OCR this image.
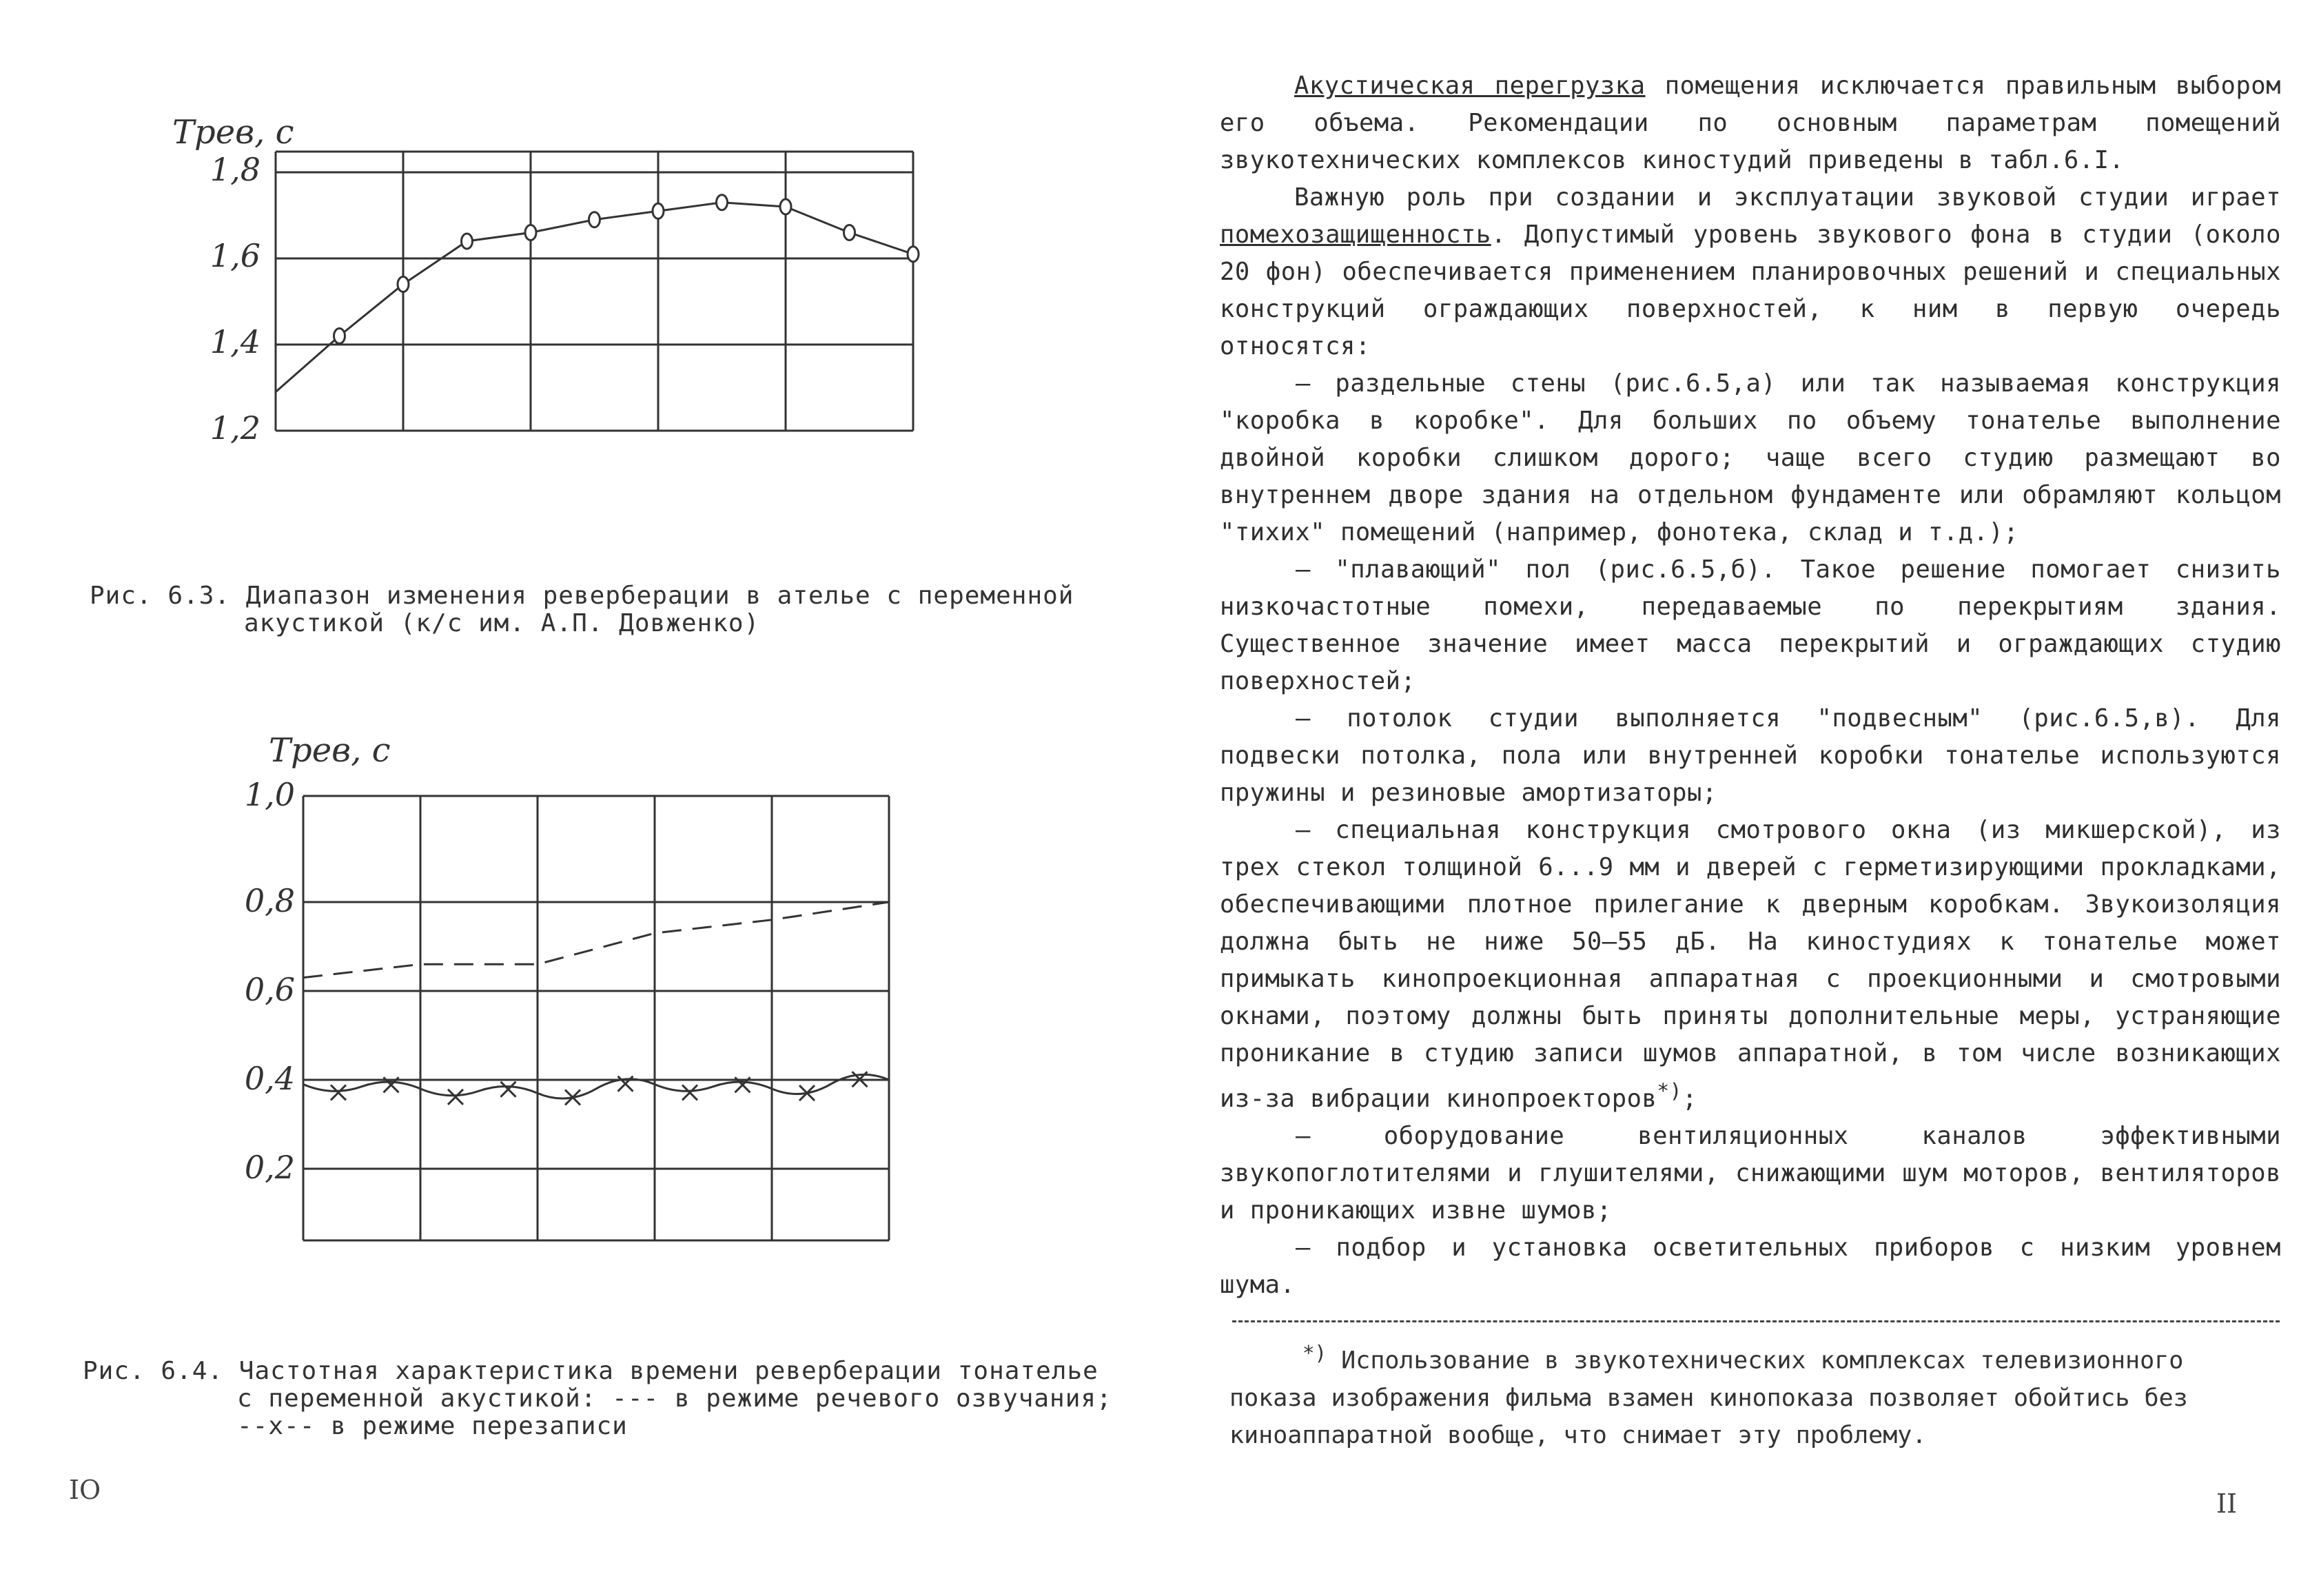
1,2
1,4
1,6
1,8
Tрев, с
Рис. 6.3. Диапазон изменения реверберации в ателье с переменной
акустикой (к/с им. А.П. Довженко)
0,2
0,4
0,6
0,8
1,0
Tрев, с
Рис. 6.4. Частотная характеристика времени реверберации тонателье
с переменной акустикой: --- в режиме речевого озвучания;
--x-- в режиме перезаписи
IO

Акустическая перегрузка помещения исключается правильным выбором его объема. Рекомендации по основным параметрам помещений звукотехнических комплексов киностудий приведены в табл.6.I.

Важную роль при создании и эксплуатации звуковой студии играет помехозащищенность. Допустимый уровень звукового фона в студии (около 20 фон) обеспечивается применением планировочных решений и специальных конструкций ограждающих поверхностей, к ним в первую очередь относятся:

– раздельные стены (рис.6.5,а) или так называемая конструкция "коробка в коробке". Для больших по объему тонателье выполнение двойной коробки слишком дорого; чаще всего студию размещают во внутреннем дворе здания на отдельном фундаменте или обрамляют кольцом "тихих" помещений (например, фонотека, склад и т.д.);

– "плавающий" пол (рис.6.5,б). Такое решение помогает снизить низкочастотные помехи, передаваемые по перекрытиям здания. Существенное значение имеет масса перекрытий и ограждающих студию поверхностей;

– потолок студии выполняется "подвесным" (рис.6.5,в). Для подвески потолка, пола или внутренней коробки тонателье используются пружины и резиновые амортизаторы;

– специальная конструкция смотрового окна (из микшерской), из трех стекол толщиной 6...9 мм и дверей с герметизирующими прокладками, обеспечивающими плотное прилегание к дверным коробкам. Звукоизоляция должна быть не ниже 50–55 дБ. На киностудиях к тонателье может примыкать кинопроекционная аппаратная с проекционными и смотровыми окнами, поэтому должны быть приняты дополнительные меры, устраняющие проникание в студию записи шумов аппаратной, в том числе возникающих из-за вибрации кинопроекторов*);

– оборудование вентиляционных каналов эффективными звукопоглотителями и глушителями, снижающими шум моторов, вентиляторов и проникающих извне шумов;

– подбор и установка осветительных приборов с низким уровнем шума.

*) Использование в звукотехнических комплексах телевизионного показа изображения фильма взамен кинопоказа позволяет обойтись без киноаппаратной вообще, что снимает эту проблему.
II
